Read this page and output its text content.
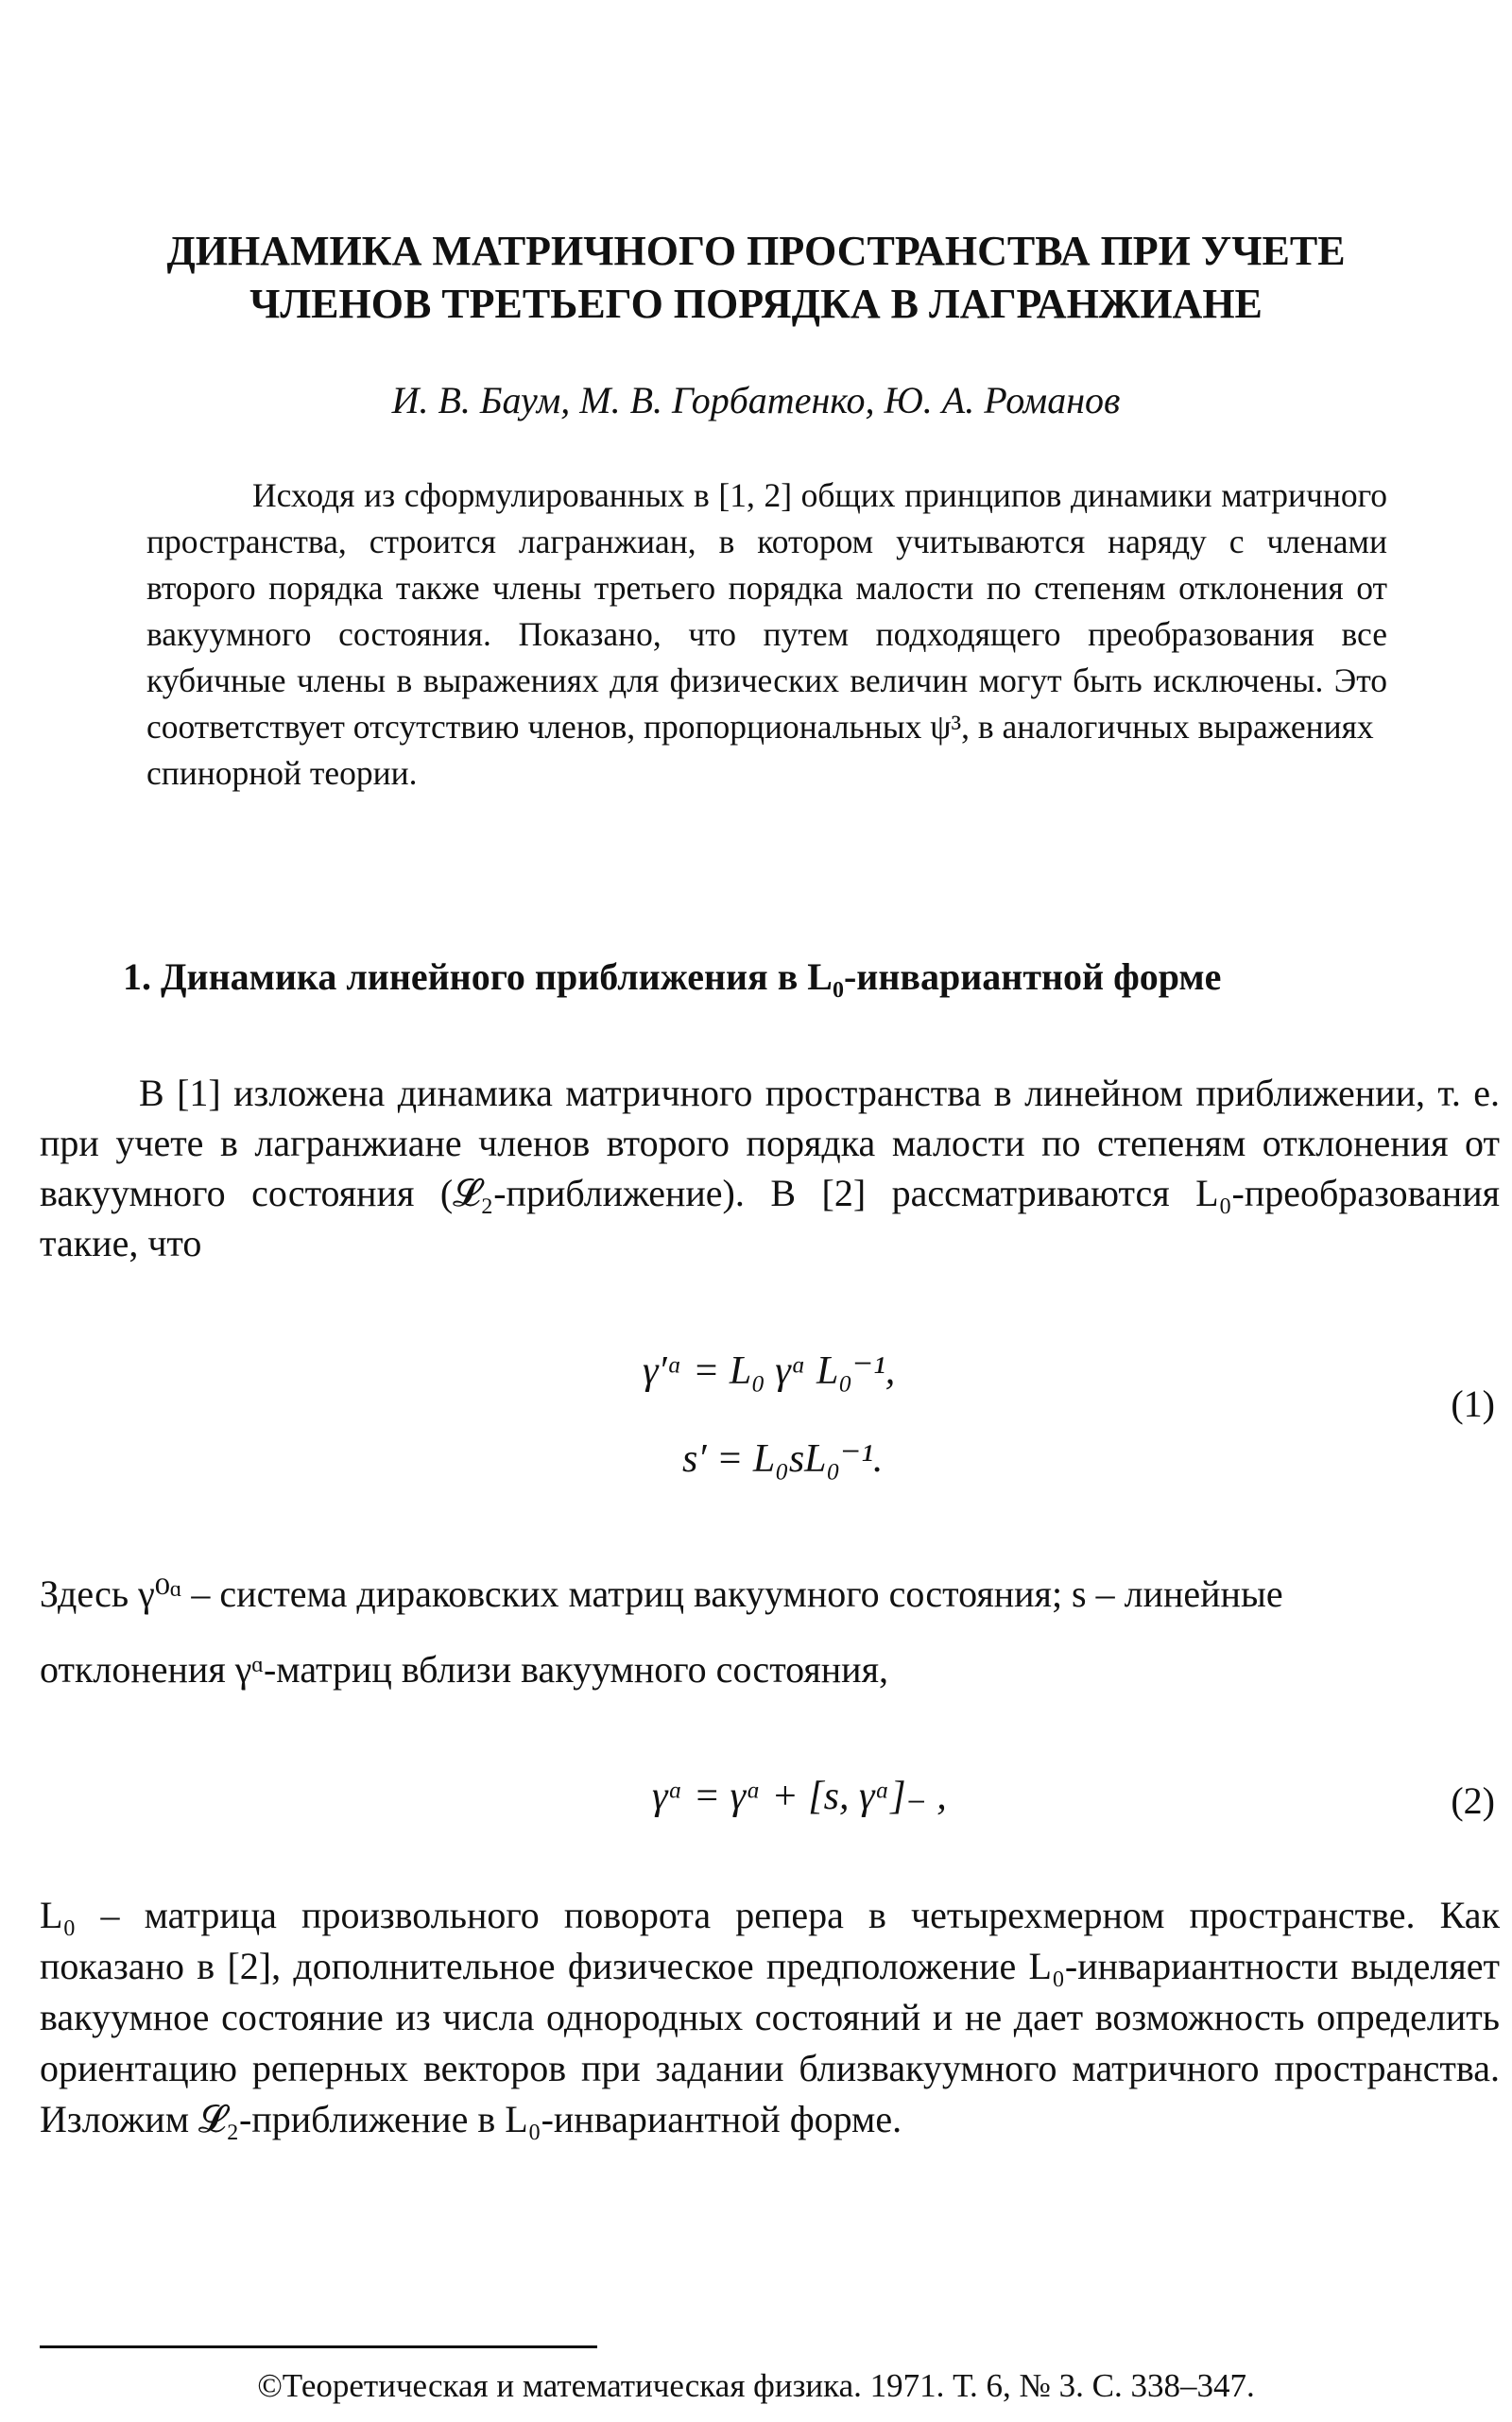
ДИНАМИКА МАТРИЧНОГО ПРОСТРАНСТВА ПРИ УЧЕТЕ
ЧЛЕНОВ ТРЕТЬЕГО ПОРЯДКА В ЛАГРАНЖИАНЕ
И. В. Баум, М. В. Горбатенко, Ю. А. Романов
Исходя из сформулированных в [1, 2] общих принципов динамики матричного пространства, строится лагранжиан, в котором учитываются наряду с членами второго порядка также члены третьего порядка малости по степеням отклонения от вакуумного состояния. Показано, что путем подходящего преобразования все кубичные члены в выражениях для физических величин могут быть исключены. Это соответствует отсутствию членов, пропорциональных ψ³, в аналогичных выражениях
спинорной теории.
1. Динамика линейного приближения в L₀-инвариантной форме
В [1] изложена динамика матричного пространства в линейном приближении, т. е. при учете в лагранжиане членов второго порядка малости по степеням отклонения от вакуумного состояния (𝓛₂-приближение). В [2] рассматриваются L₀-преобразования такие, что
γ′ᵅ = L₀ γᵅ L₀⁻¹,
s′ = L₀sL₀⁻¹.
(1)
Здесь γ⁰ᵅ – система дираковских матриц вакуумного состояния; s – линейные
отклонения γᵅ-матриц вблизи вакуумного состояния,
γᵅ = γᵅ + [s, γᵅ]₋ ,	(2)
L₀ – матрица произвольного поворота репера в четырехмерном пространстве. Как показано в [2], дополнительное физическое предположение L₀-инвариантности выделяет вакуумное состояние из числа однородных состояний и не дает возможность определить ориентацию реперных векторов при задании близвакуумного матричного пространства. Изложим 𝓛₂-приближение в L₀-инвариантной форме.
©Теоретическая и математическая физика. 1971. Т. 6, № 3. С. 338–347.
